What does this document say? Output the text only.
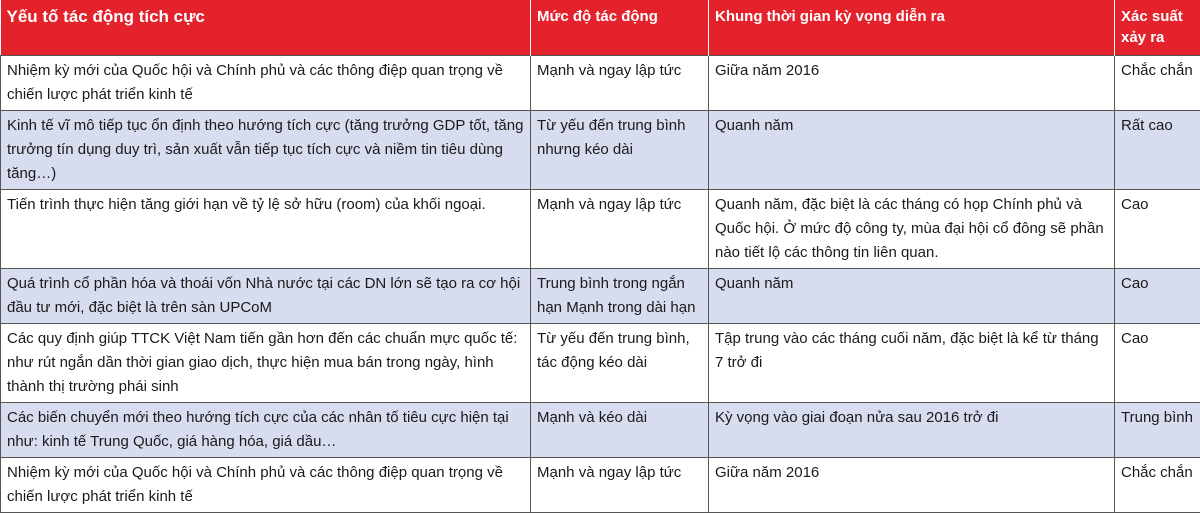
Yếu tố tác động tích cực	Mức độ tác động	Khung thời gian kỳ vọng diễn ra	Xác suất xảy ra
Nhiệm kỳ mới của Quốc hội và Chính phủ và các thông điệp quan trọng về chiến lược phát triển kinh tế	Mạnh và ngay lập tức	Giữa năm 2016	Chắc chắn
Kinh tế vĩ mô tiếp tục ổn định theo hướng tích cực (tăng trưởng GDP tốt, tăng trưởng tín dụng duy trì, sản xuất vẫn tiếp tục tích cực và niềm tin tiêu dùng tăng…)	Từ yếu đến trung bình nhưng kéo dài	Quanh năm	Rất cao
Tiến trình thực hiện tăng giới hạn về tỷ lệ sở hữu (room) của khối ngoại.	Mạnh và ngay lập tức	Quanh năm, đặc biệt là các tháng có họp Chính phủ và Quốc hội. Ở mức độ công ty, mùa đại hội cổ đông sẽ phần nào tiết lộ các thông tin liên quan.	Cao
Quá trình cổ phần hóa và thoái vốn Nhà nước tại các DN lớn sẽ tạo ra cơ hội đầu tư mới, đặc biệt là trên sàn UPCoM	Trung bình trong ngắn hạn Mạnh trong dài hạn	Quanh năm	Cao
Các quy định giúp TTCK Việt Nam tiến gần hơn đến các chuẩn mực quốc tế: như rút ngắn dần thời gian giao dịch, thực hiện mua bán trong ngày, hình thành thị trường phái sinh	Từ yếu đến trung bình, tác động kéo dài	Tập trung vào các tháng cuối năm, đặc biệt là kể từ tháng 7 trở đi	Cao
Các biến chuyển mới theo hướng tích cực của các nhân tố tiêu cực hiện tại như: kinh tế Trung Quốc, giá hàng hóa, giá dầu…	Mạnh và kéo dài	Kỳ vọng vào giai đoạn nửa sau 2016 trở đi	Trung bình
Nhiệm kỳ mới của Quốc hội và Chính phủ và các thông điệp quan trọng về chiến lược phát triển kinh tế	Mạnh và ngay lập tức	Giữa năm 2016	Chắc chắn
